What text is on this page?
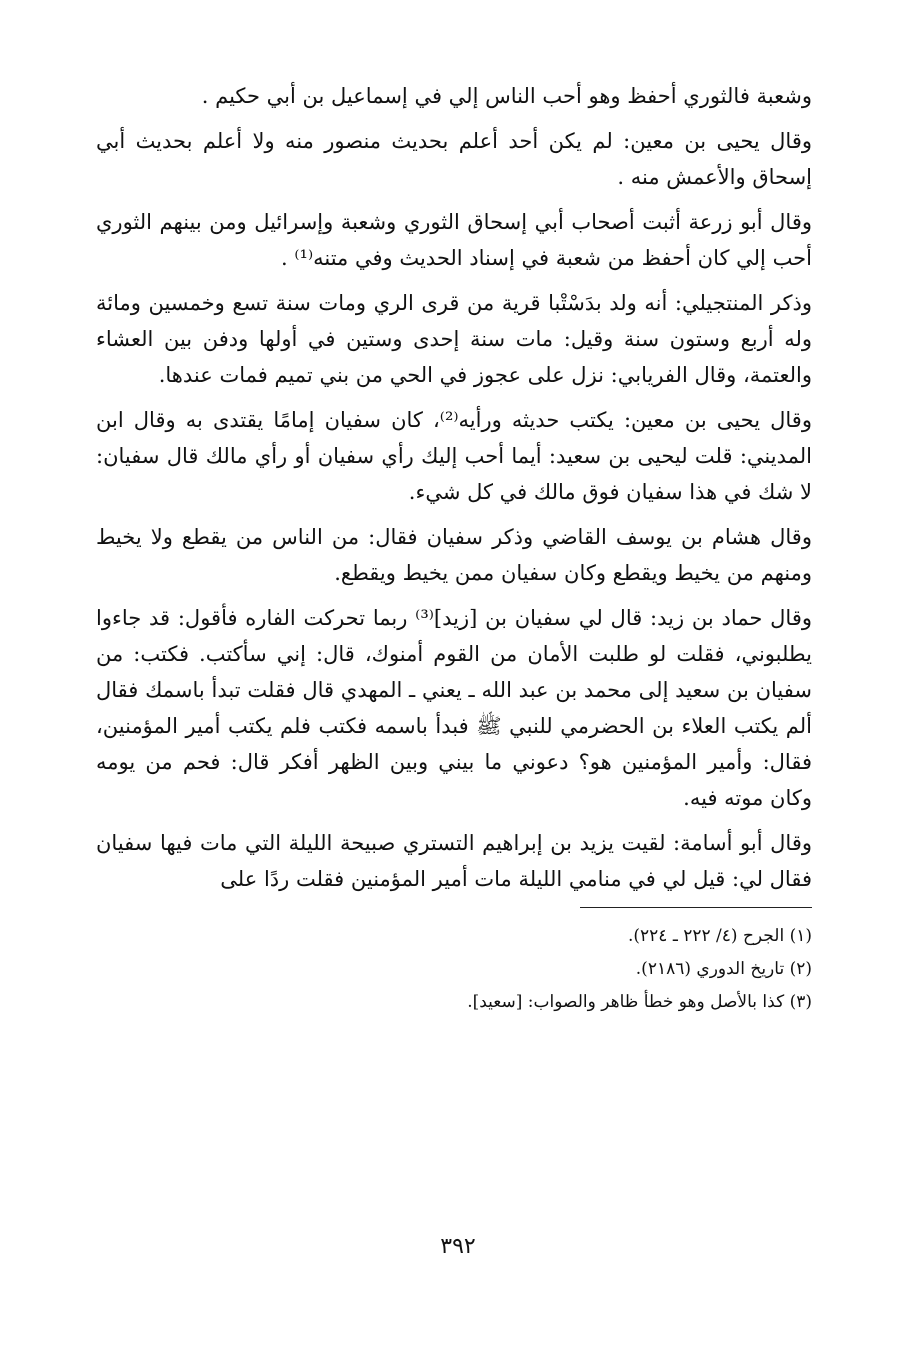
وشعبة فالثوري أحفظ وهو أحب الناس إلي في إسماعيل بن أبي حكيم .

وقال يحيى بن معين: لم يكن أحد أعلم بحديث منصور منه ولا أعلم بحديث أبي إسحاق والأعمش منه .

وقال أبو زرعة أثبت أصحاب أبي إسحاق الثوري وشعبة وإسرائيل ومن بينهم الثوري أحب إلي كان أحفظ من شعبة في إسناد الحديث وفي متنه⁽¹⁾ .

وذكر المنتجيلي: أنه ولد بدَسْتْبا قرية من قرى الري ومات سنة تسع وخمسين ومائة وله أربع وستون سنة وقيل: مات سنة إحدى وستين في أولها ودفن بين العشاء والعتمة، وقال الفريابي: نزل على عجوز في الحي من بني تميم فمات عندها.

وقال يحيى بن معين: يكتب حديثه ورأيه⁽²⁾، كان سفيان إمامًا يقتدى به وقال ابن المديني: قلت ليحيى بن سعيد: أيما أحب إليك رأي سفيان أو رأي مالك قال سفيان: لا شك في هذا سفيان فوق مالك في كل شيء.

وقال هشام بن يوسف القاضي وذكر سفيان فقال: من الناس من يقطع ولا يخيط ومنهم من يخيط ويقطع وكان سفيان ممن يخيط ويقطع.

وقال حماد بن زيد: قال لي سفيان بن [زيد]⁽³⁾ ربما تحركت الفاره فأقول: قد جاءوا يطلبوني، فقلت لو طلبت الأمان من القوم أمنوك، قال: إني سأكتب. فكتب: من سفيان بن سعيد إلى محمد بن عبد الله ـ يعني ـ المهدي قال فقلت تبدأ باسمك فقال ألم يكتب العلاء بن الحضرمي للنبي ﷺ فبدأ باسمه فكتب فلم يكتب أمير المؤمنين، فقال: وأمير المؤمنين هو؟ دعوني ما بيني وبين الظهر أفكر قال: فحم من يومه وكان موته فيه.

وقال أبو أسامة: لقيت يزيد بن إبراهيم التستري صبيحة الليلة التي مات فيها سفيان فقال لي: قيل لي في منامي الليلة مات أمير المؤمنين فقلت ردًا على

(١) الجرح (٤/ ٢٢٢ ـ ٢٢٤).

(٢) تاريخ الدوري (٢١٨٦).

(٣) كذا بالأصل وهو خطأ ظاهر والصواب: [سعيد].

٣٩٢
